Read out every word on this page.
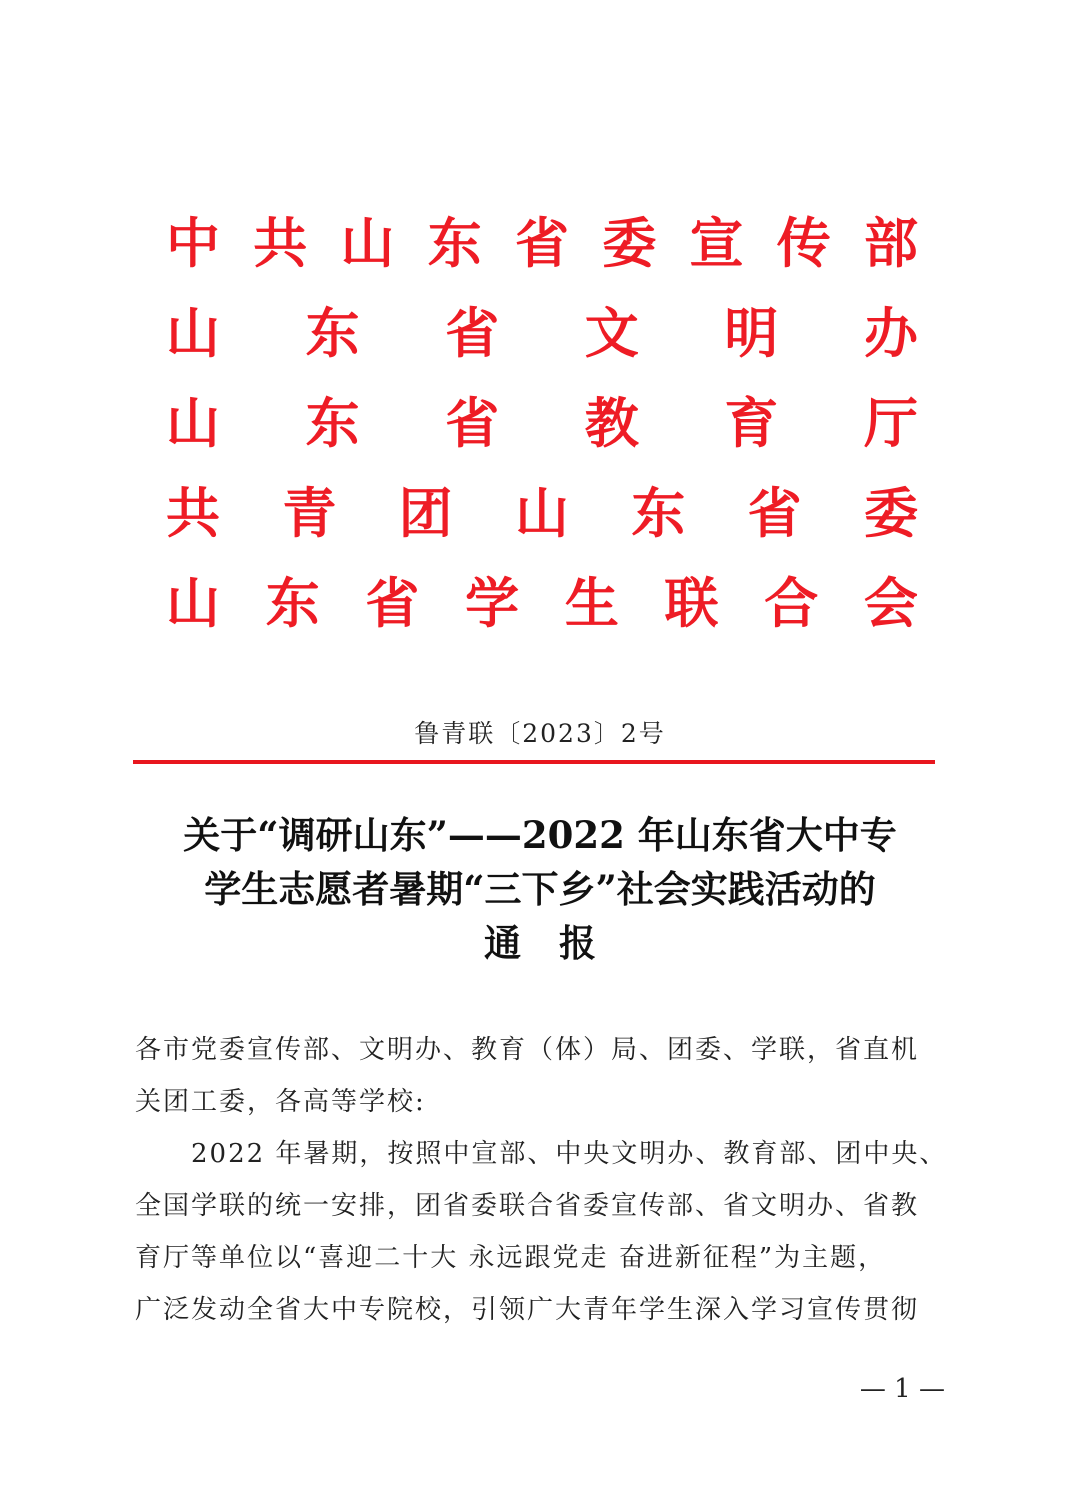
中 共 山 东 省 委 宣 传 部
山 东 省 文 明 办
山 东 省 教 育 厅
共 青 团 山 东 省 委
山 东 省 学 生 联 合 会
鲁青联〔2023〕2号
关于“调研山东”——2022 年山东省大中专
学生志愿者暑期“三下乡”社会实践活动的
通报

各市党委宣传部、文明办、教育（体）局、团委、学联，省直机
关团工委，各高等学校:

2022 年暑期，按照中宣部、中央文明办、教育部、团中央、
全国学联的统一安排，团省委联合省委宣传部、省文明办、省教
育厅等单位以“喜迎二十大 永远跟党走 奋进新征程”为主题，
广泛发动全省大中专院校，引领广大青年学生深入学习宣传贯彻

— 1 —
